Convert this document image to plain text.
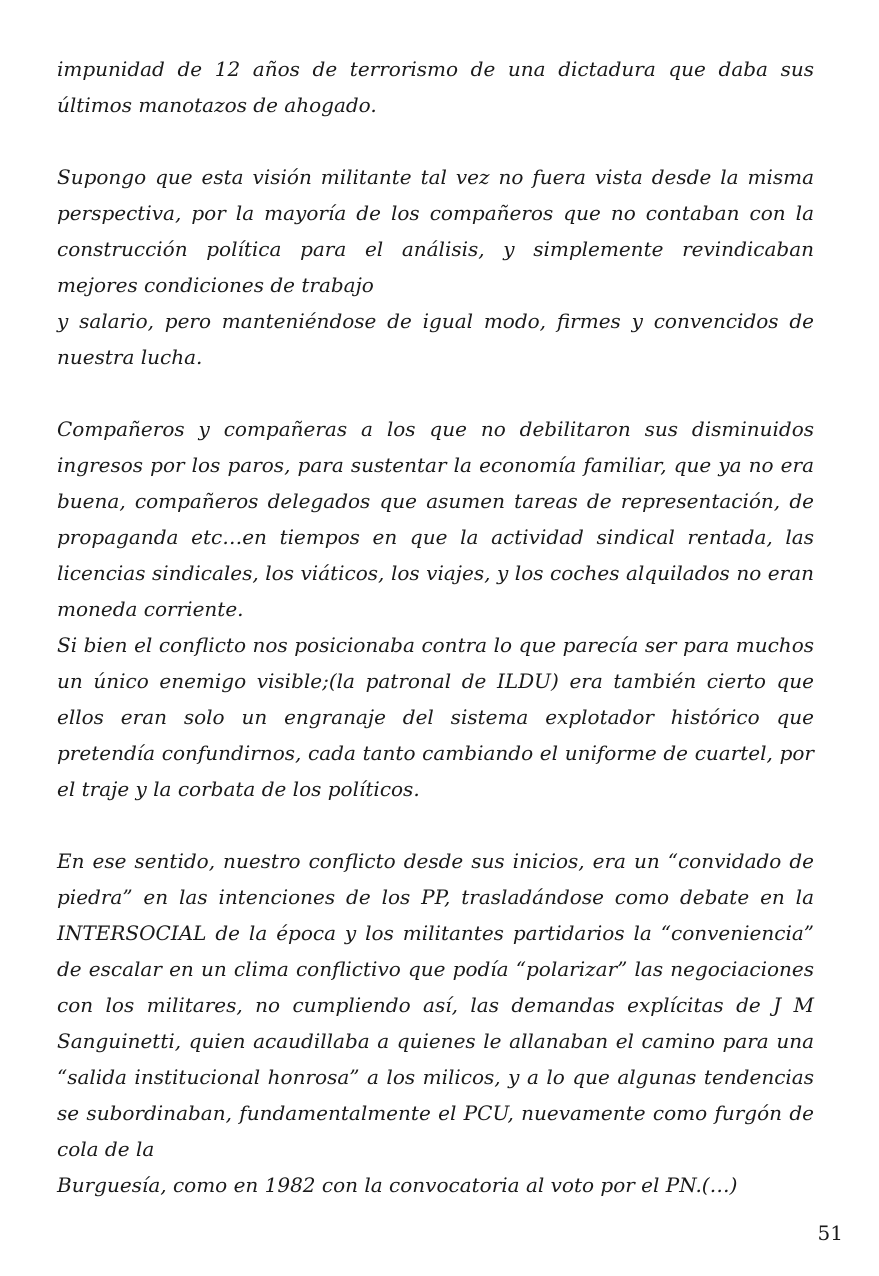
impunidad de 12 años de terrorismo de una dictadura que daba sus últimos manotazos de ahogado.

Supongo que esta visión militante tal vez no fuera vista desde la misma perspectiva, por la mayoría de los compañeros que no contaban con la construcción política para el análisis, y simplemente revindicaban mejores condiciones de trabajo

y salario, pero manteniéndose de igual modo, firmes y convencidos de nuestra lucha.

Compañeros y compañeras a los que no debilitaron sus disminuidos ingresos por los paros, para sustentar la economía familiar, que ya no era buena, compañeros delegados que asumen tareas de representación, de propaganda etc…en tiempos en que la actividad sindical rentada, las licencias sindicales, los viáticos, los viajes, y los coches alquilados no eran moneda corriente.

Si bien el conflicto nos posicionaba contra lo que parecía ser para muchos un único enemigo visible;(la patronal de ILDU) era también cierto que ellos eran solo un engranaje del sistema explotador histórico que pretendía confundirnos, cada tanto cambiando el uniforme de cuartel, por el traje y la corbata de los políticos.

En ese sentido, nuestro conflicto desde sus inicios, era un “convidado de piedra” en las intenciones de los PP, trasladándose como debate en la INTERSOCIAL de la época y los militantes partidarios la “conveniencia” de escalar en un clima conflictivo que podía “polarizar” las negociaciones con los militares, no cumpliendo así, las demandas explícitas de J M Sanguinetti, quien acaudillaba a quienes le allanaban el camino para una “salida institucional honrosa” a los milicos, y a lo que algunas tendencias se subordinaban, fundamentalmente el PCU, nuevamente como furgón de cola de la

Burguesía, como en 1982 con la convocatoria al voto por el PN.(…)

51
